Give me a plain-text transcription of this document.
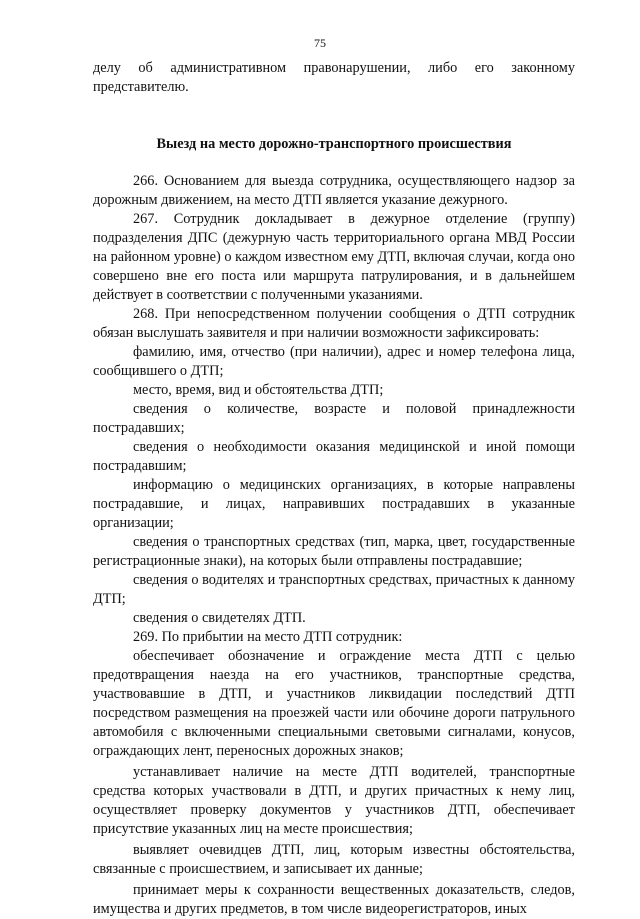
75

делу об административном правонарушении, либо его законному представителю.

Выезд на место дорожно-транспортного происшествия

266. Основанием для выезда сотрудника, осуществляющего надзор за дорожным движением, на место ДТП является указание дежурного.

267. Сотрудник докладывает в дежурное отделение (группу) подразделения ДПС (дежурную часть территориального органа МВД России на районном уровне) о каждом известном ему ДТП, включая случаи, когда оно совершено вне его поста или маршрута патрулирования, и в дальнейшем действует в соответствии с полученными указаниями.

268. При непосредственном получении сообщения о ДТП сотрудник обязан выслушать заявителя и при наличии возможности зафиксировать:

фамилию, имя, отчество (при наличии), адрес и номер телефона лица, сообщившего о ДТП;

место, время, вид и обстоятельства ДТП;

сведения о количестве, возрасте и половой принадлежности пострадавших;

сведения о необходимости оказания медицинской и иной помощи пострадавшим;

информацию о медицинских организациях, в которые направлены пострадавшие, и лицах, направивших пострадавших в указанные организации;

сведения о транспортных средствах (тип, марка, цвет, государственные регистрационные знаки), на которых были отправлены пострадавшие;

сведения о водителях и транспортных средствах, причастных к данному ДТП;

сведения о свидетелях ДТП.

269. По прибытии на место ДТП сотрудник:

обеспечивает обозначение и ограждение места ДТП с целью предотвращения наезда на его участников, транспортные средства, участвовавшие в ДТП, и участников ликвидации последствий ДТП посредством размещения на проезжей части или обочине дороги патрульного автомобиля с включенными специальными световыми сигналами, конусов, ограждающих лент, переносных дорожных знаков;

устанавливает наличие на месте ДТП водителей, транспортные средства которых участвовали в ДТП, и других причастных к нему лиц, осуществляет проверку документов у участников ДТП, обеспечивает присутствие указанных лиц на месте происшествия;

выявляет очевидцев ДТП, лиц, которым известны обстоятельства, связанные с происшествием, и записывает их данные;

принимает меры к сохранности вещественных доказательств, следов, имущества и других предметов, в том числе видеорегистраторов, иных
